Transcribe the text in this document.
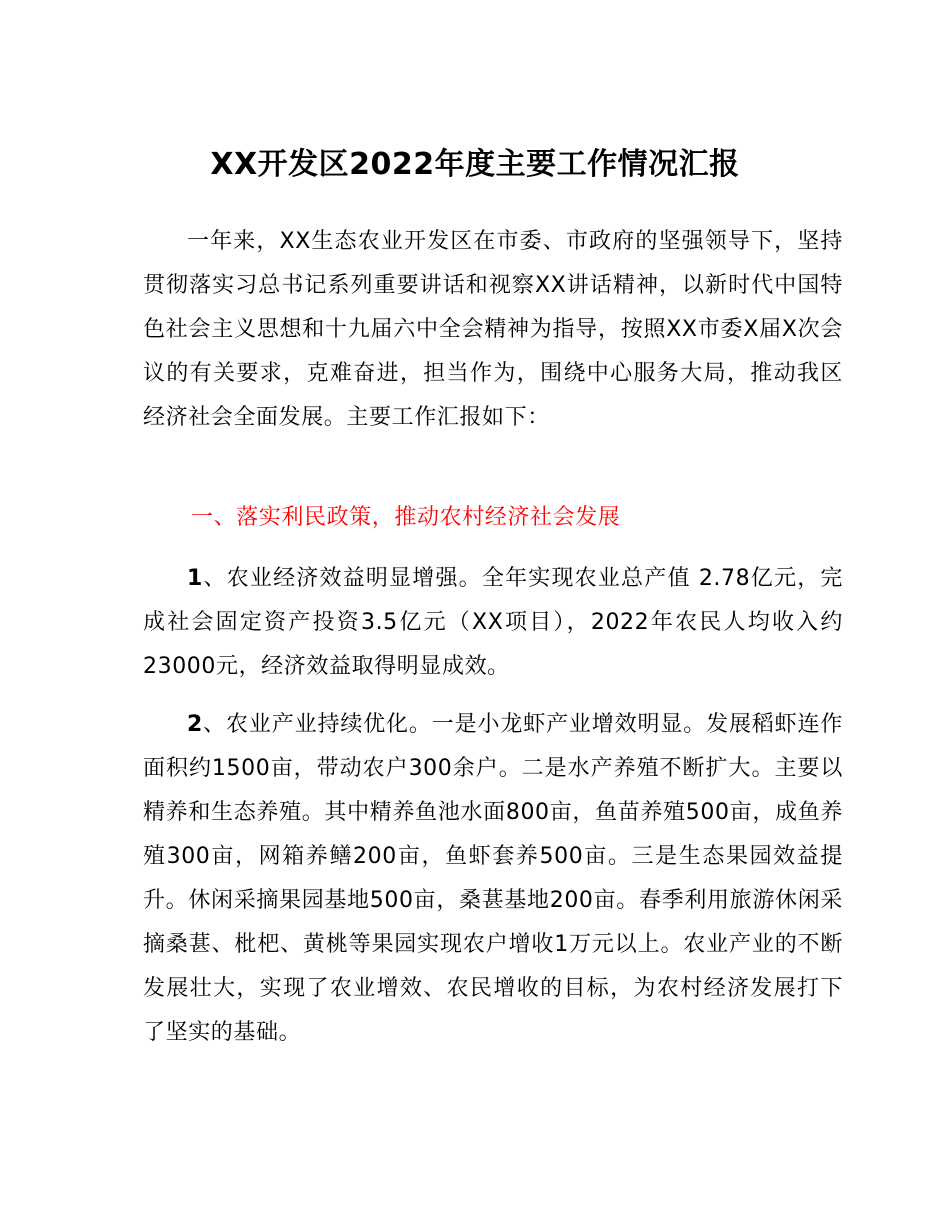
XX开发区2022年度主要工作情况汇报

一年来，XX生态农业开发区在市委、市政府的坚强领导下，坚持贯彻落实习总书记系列重要讲话和视察XX讲话精神，以新时代中国特色社会主义思想和十九届六中全会精神为指导，按照XX市委X届X次会议的有关要求，克难奋进，担当作为，围绕中心服务大局，推动我区经济社会全面发展。主要工作汇报如下：

一、落实利民政策，推动农村经济社会发展

1、农业经济效益明显增强。全年实现农业总产值 2.78亿元，完成社会固定资产投资3.5亿元（XX项目），2022年农民人均收入约23000元，经济效益取得明显成效。

2、农业产业持续优化。一是小龙虾产业增效明显。发展稻虾连作面积约1500亩，带动农户300余户。二是水产养殖不断扩大。主要以精养和生态养殖。其中精养鱼池水面800亩，鱼苗养殖500亩，成鱼养殖300亩，网箱养鳝200亩，鱼虾套养500亩。三是生态果园效益提升。休闲采摘果园基地500亩，桑葚基地200亩。春季利用旅游休闲采摘桑葚、枇杷、黄桃等果园实现农户增收1万元以上。农业产业的不断发展壮大，实现了农业增效、农民增收的目标，为农村经济发展打下了坚实的基础。
